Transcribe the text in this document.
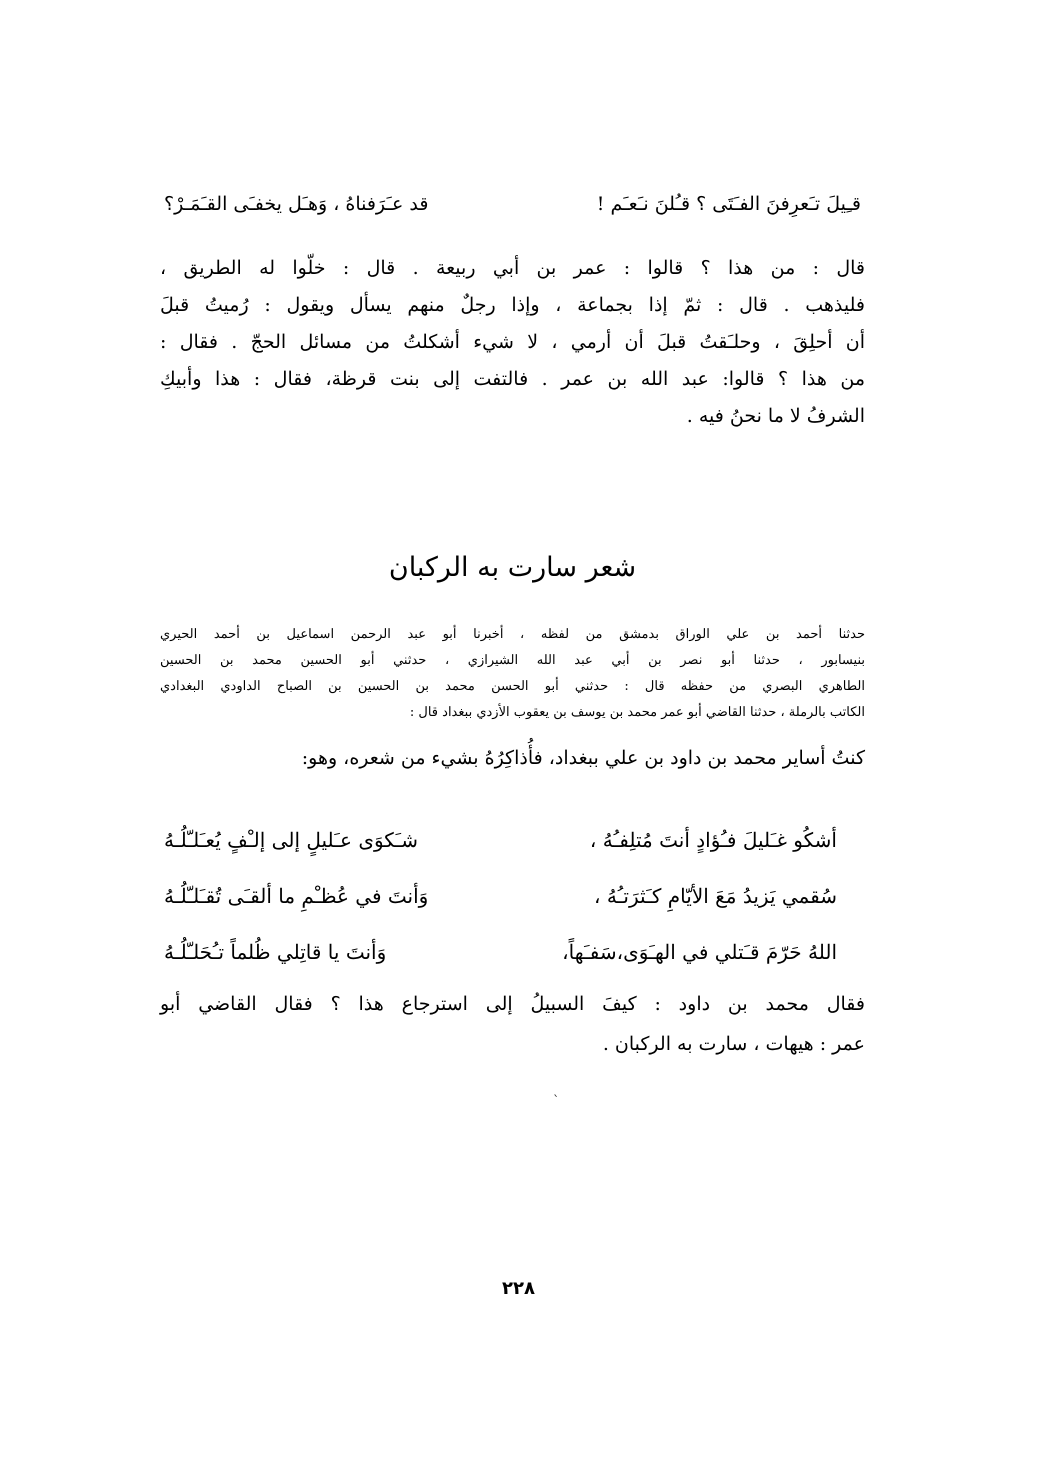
قـِيلَ تـَعرِفنَ الفـَتَى ؟ قـُلنَ نـَعـَم !
قد عـَرَفناهُ ، وَهـَل يخفـَى القـَمَـرْ؟
قال : من هذا ؟ قالوا : عمر بن أبي ربيعة . قال : خلّوا له الطريق ،
فليذهب . قال : ثمّ إذا بجماعة ، وإذا رجلٌ منهم يسأل ويقول : رُميتُ قبلَ
أن أحلِقَ ، وحلـَقتُ قبلَ أن أرمي ، لا شيء أشكلتُ من مسائل الحجّ . فقال :
من هذا ؟ قالوا: عبد الله بن عمر . فالتفت إلى بنت قرظة، فقال : هذا وأبيكِ
الشرفُ لا ما نحنُ فيه .
شعر سارت به الركبان
حدثنا أحمد بن علي الوراق بدمشق من لفظه ، أخبرنا أبو عبد الرحمن اسماعيل بن أحمد الحيري
بنيسابور ، حدثنا أبو نصر بن أبي عبد الله الشيرازي ، حدثني أبو الحسين محمد بن الحسين
الطاهري البصري من حفظه قال : حدثني أبو الحسن محمد بن الحسين بن الصباح الداودي البغدادي
الكاتب بالرملة ، حدثنا القاضي أبو عمر محمد بن يوسف بن يعقوب الأزدي ببغداد قال :
كنتُ أساير محمد بن داود بن علي ببغداد، فأُذاكِرُهُ بشيء من شعره، وهو:
أشكُو غـَليلَ فـُؤادٍ أنتَ مُتلِفـُهُ ،
شـَكوَى عـَليلٍ إلى إلـْفٍ يُعـَلـّلُـهُ
سُقمي يَزيدُ مَعَ الأيّامِ كـَثرَتـُهُ ،
وَأنتَ في عُظـْمِ ما ألقـَى تُقـَلـّلُـهُ
اللهُ حَرّمَ قـَتلي في الهـَوَى،سَفـَهاً،
وَأنتَ يا قاتِلي ظُلماً تـُحَلـّلُـهُ
فقال محمد بن داود : كيفَ السبيلُ إلى استرجاع هذا ؟ فقال القاضي أبو
عمر : هيهات ، سارت به الركبان .
`
٢٢٨
